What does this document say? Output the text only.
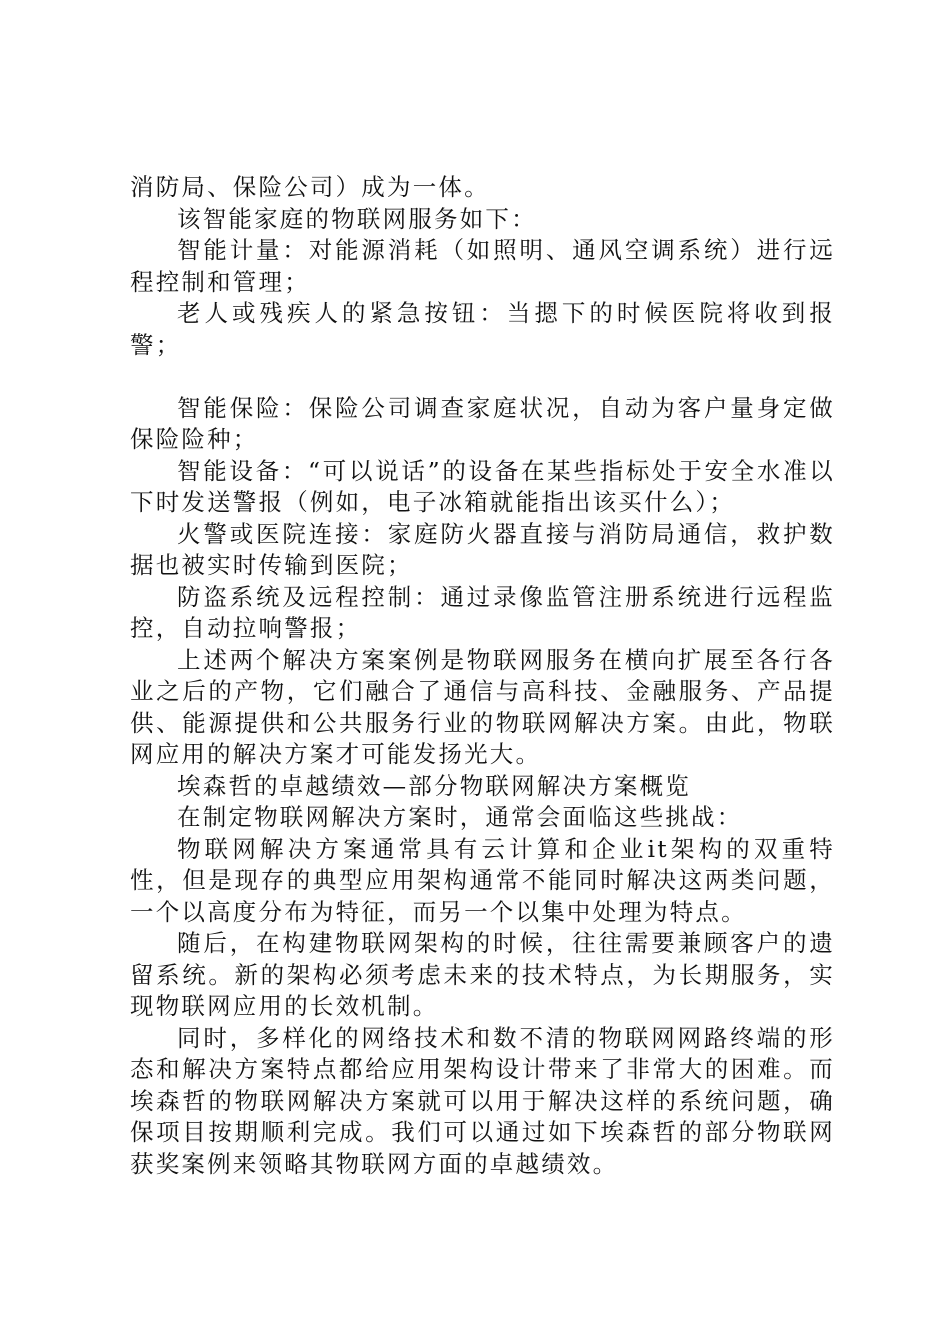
消防局、保险公司）成为一体。

该智能家庭的物联网服务如下：

智能计量：对能源消耗（如照明、通风空调系统）进行远程控制和管理；

老人或残疾人的紧急按钮：当摁下的时候医院将收到报警；

智能保险：保险公司调查家庭状况，自动为客户量身定做保险险种；

智能设备：“可以说话”的设备在某些指标处于安全水准以下时发送警报（例如，电子冰箱就能指出该买什么）；

火警或医院连接：家庭防火器直接与消防局通信，救护数据也被实时传输到医院；

防盗系统及远程控制：通过录像监管注册系统进行远程监控，自动拉响警报；

上述两个解决方案案例是物联网服务在横向扩展至各行各业之后的产物，它们融合了通信与高科技、金融服务、产品提供、能源提供和公共服务行业的物联网解决方案。由此，物联网应用的解决方案才可能发扬光大。

埃森哲的卓越绩效—部分物联网解决方案概览

在制定物联网解决方案时，通常会面临这些挑战：

物联网解决方案通常具有云计算和企业it架构的双重特性，但是现存的典型应用架构通常不能同时解决这两类问题，一个以高度分布为特征，而另一个以集中处理为特点。

随后，在构建物联网架构的时候，往往需要兼顾客户的遗留系统。新的架构必须考虑未来的技术特点，为长期服务，实现物联网应用的长效机制。

同时，多样化的网络技术和数不清的物联网网路终端的形态和解决方案特点都给应用架构设计带来了非常大的困难。而埃森哲的物联网解决方案就可以用于解决这样的系统问题，确保项目按期顺利完成。我们可以通过如下埃森哲的部分物联网获奖案例来领略其物联网方面的卓越绩效。
